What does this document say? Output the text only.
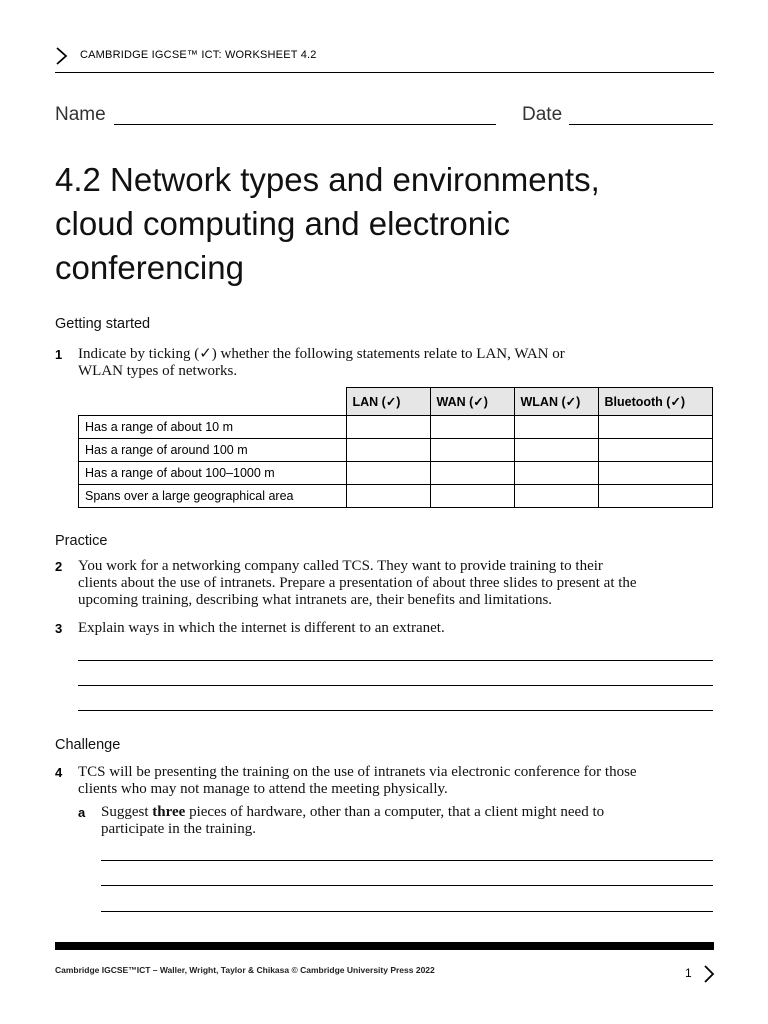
CAMBRIDGE IGCSE™ ICT: WORKSHEET 4.2
Name	Date
4.2 Network types and environments,
cloud computing and electronic
conferencing
Getting started
1 Indicate by ticking (✓) whether the following statements relate to LAN, WAN or
WLAN types of networks.
	LAN (✓)	WAN (✓)	WLAN (✓)	Bluetooth (✓)
Has a range of about 10 m				
Has a range of around 100 m				
Has a range of about 100–1000 m				
Spans over a large geographical area				
Practice
2 You work for a networking company called TCS. They want to provide training to their
clients about the use of intranets. Prepare a presentation of about three slides to present at the
upcoming training, describing what intranets are, their benefits and limitations.
3 Explain ways in which the internet is different to an extranet.
Challenge
4 TCS will be presenting the training on the use of intranets via electronic conference for those
clients who may not manage to attend the meeting physically.
a Suggest three pieces of hardware, other than a computer, that a client might need to
participate in the training.
Cambridge IGCSE™ICT – Waller, Wright, Taylor & Chikasa © Cambridge University Press 2022	1
